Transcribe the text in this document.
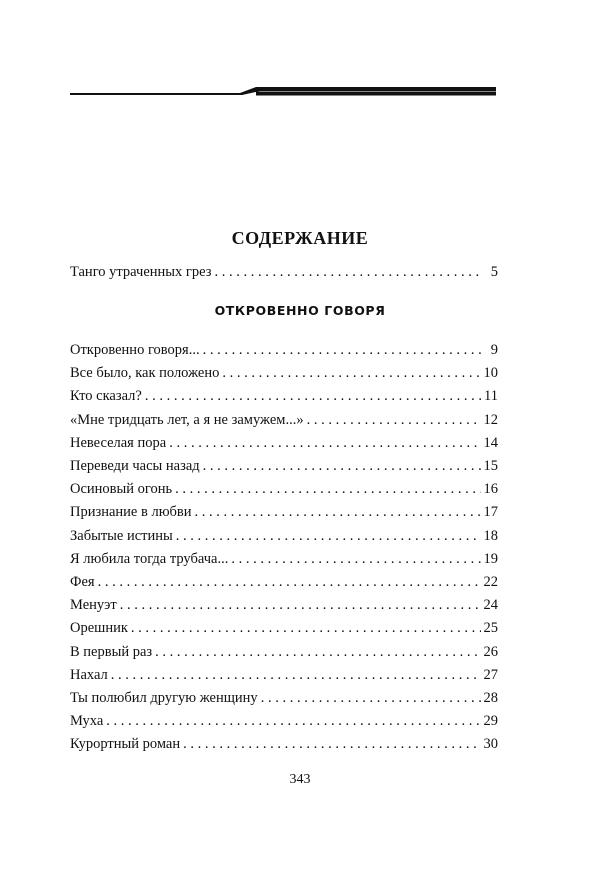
СОДЕРЖАНИЕ
Танго утраченных грез . . .	5
ОТКРОВЕННО ГОВОРЯ
Откровенно говоря... . . .	9
Все было, как положено . . .	10
Кто сказал? . . .	11
«Мне тридцать лет, а я не замужем...» . . .	12
Невеселая пора . . .	14
Переведи часы назад . . .	15
Осиновый огонь . . .	16
Признание в любви . . .	17
Забытые истины . . .	18
Я любила тогда трубача... . . .	19
Фея . . .	22
Менуэт . . .	24
Орешник . . .	25
В первый раз . . .	26
Нахал . . .	27
Ты полюбил другую женщину . . .	28
Муха . . .	29
Курортный роман . . .	30
343
